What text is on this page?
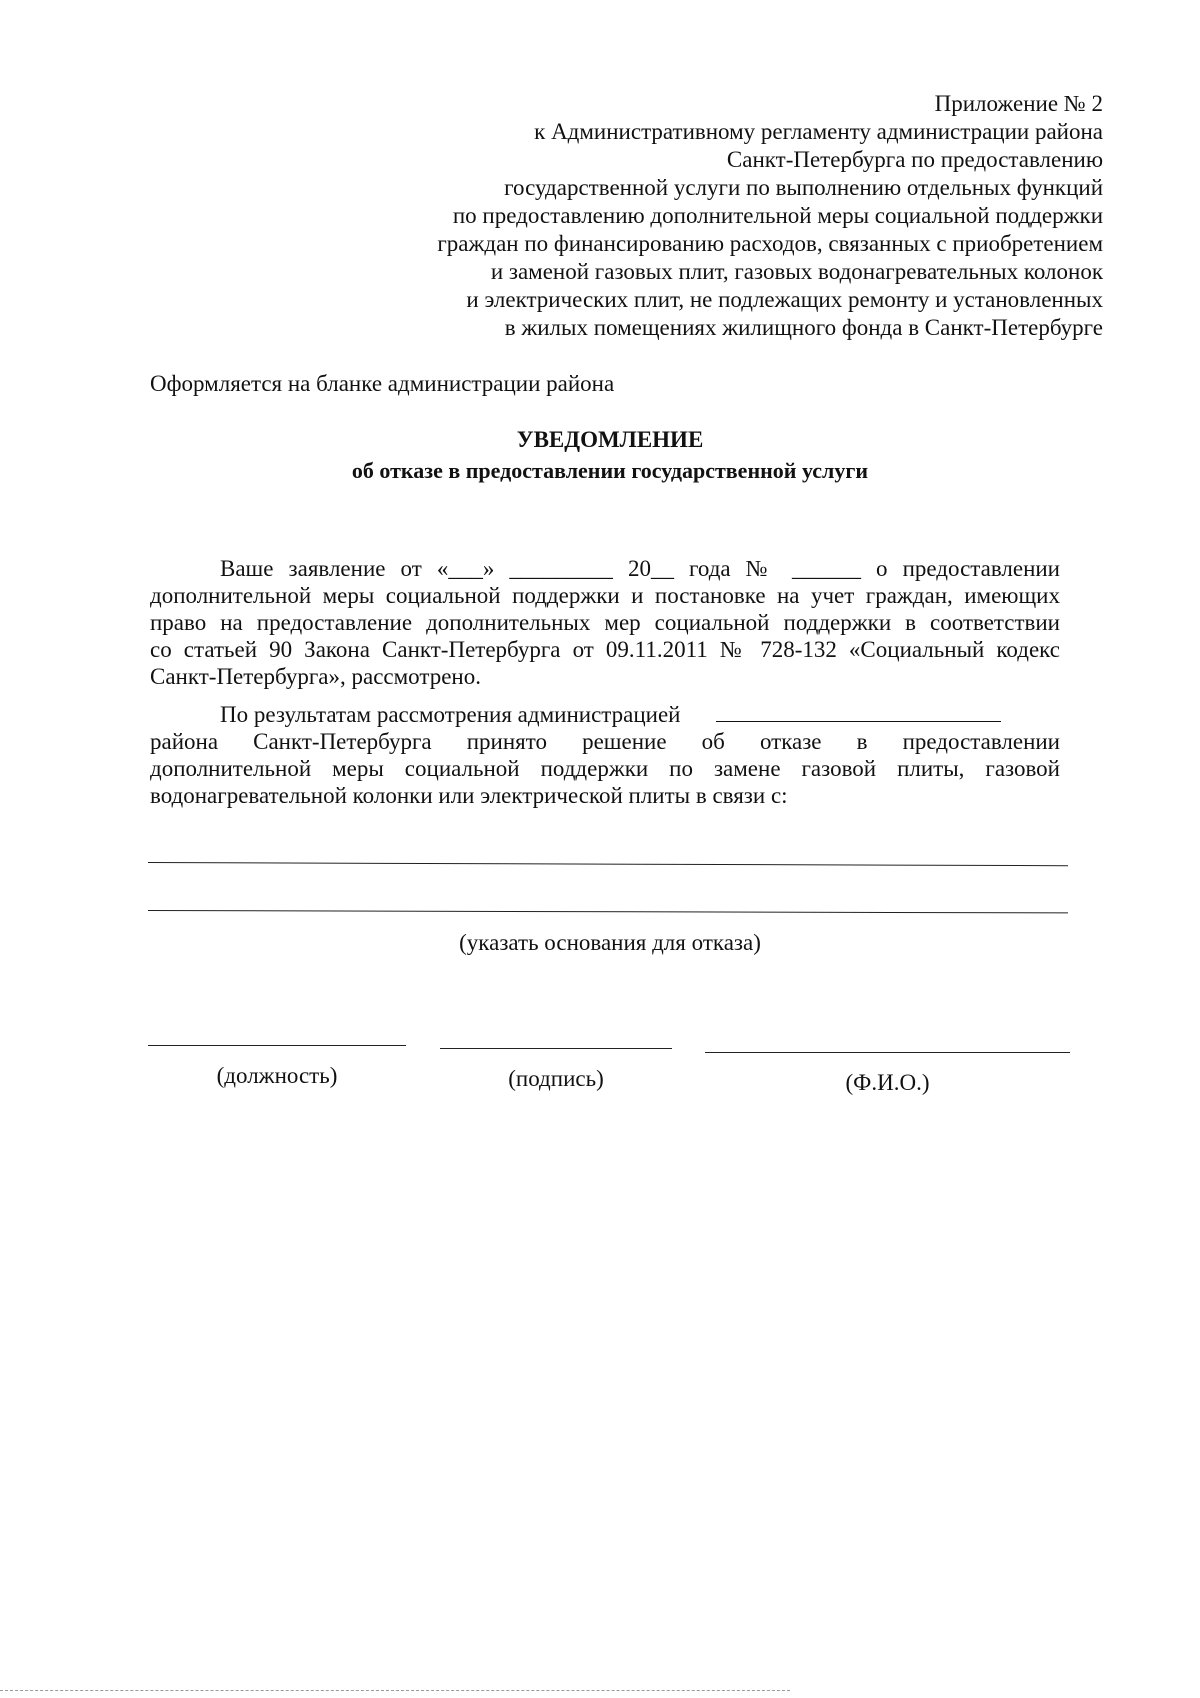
Приложение № 2
к Административному регламенту администрации района
Санкт-Петербурга по предоставлению
государственной услуги по выполнению отдельных функций
по предоставлению дополнительной меры социальной поддержки
граждан по финансированию расходов, связанных с приобретением
и заменой газовых плит, газовых водонагревательных колонок
и электрических плит, не подлежащих ремонту и установленных
в жилых помещениях жилищного фонда в Санкт-Петербурге
Оформляется на бланке администрации района
УВЕДОМЛЕНИЕ
об отказе в предоставлении государственной услуги
Ваше заявление от «___» _________ 20__ года № ______ о предоставлении
дополнительной меры социальной поддержки и постановке на учет граждан, имеющих
право на предоставление дополнительных мер социальной поддержки в соответствии
со статьей 90 Закона Санкт-Петербурга от 09.11.2011 № 728-132 «Социальный кодекс
Санкт-Петербурга», рассмотрено.
По результатам рассмотрения администрацией
района Санкт-Петербурга принято решение об отказе в предоставлении
дополнительной меры социальной поддержки по замене газовой плиты, газовой
водонагревательной колонки или электрической плиты в связи с:
(указать основания для отказа)
(должность)	(подпись)	(Ф.И.О.)
